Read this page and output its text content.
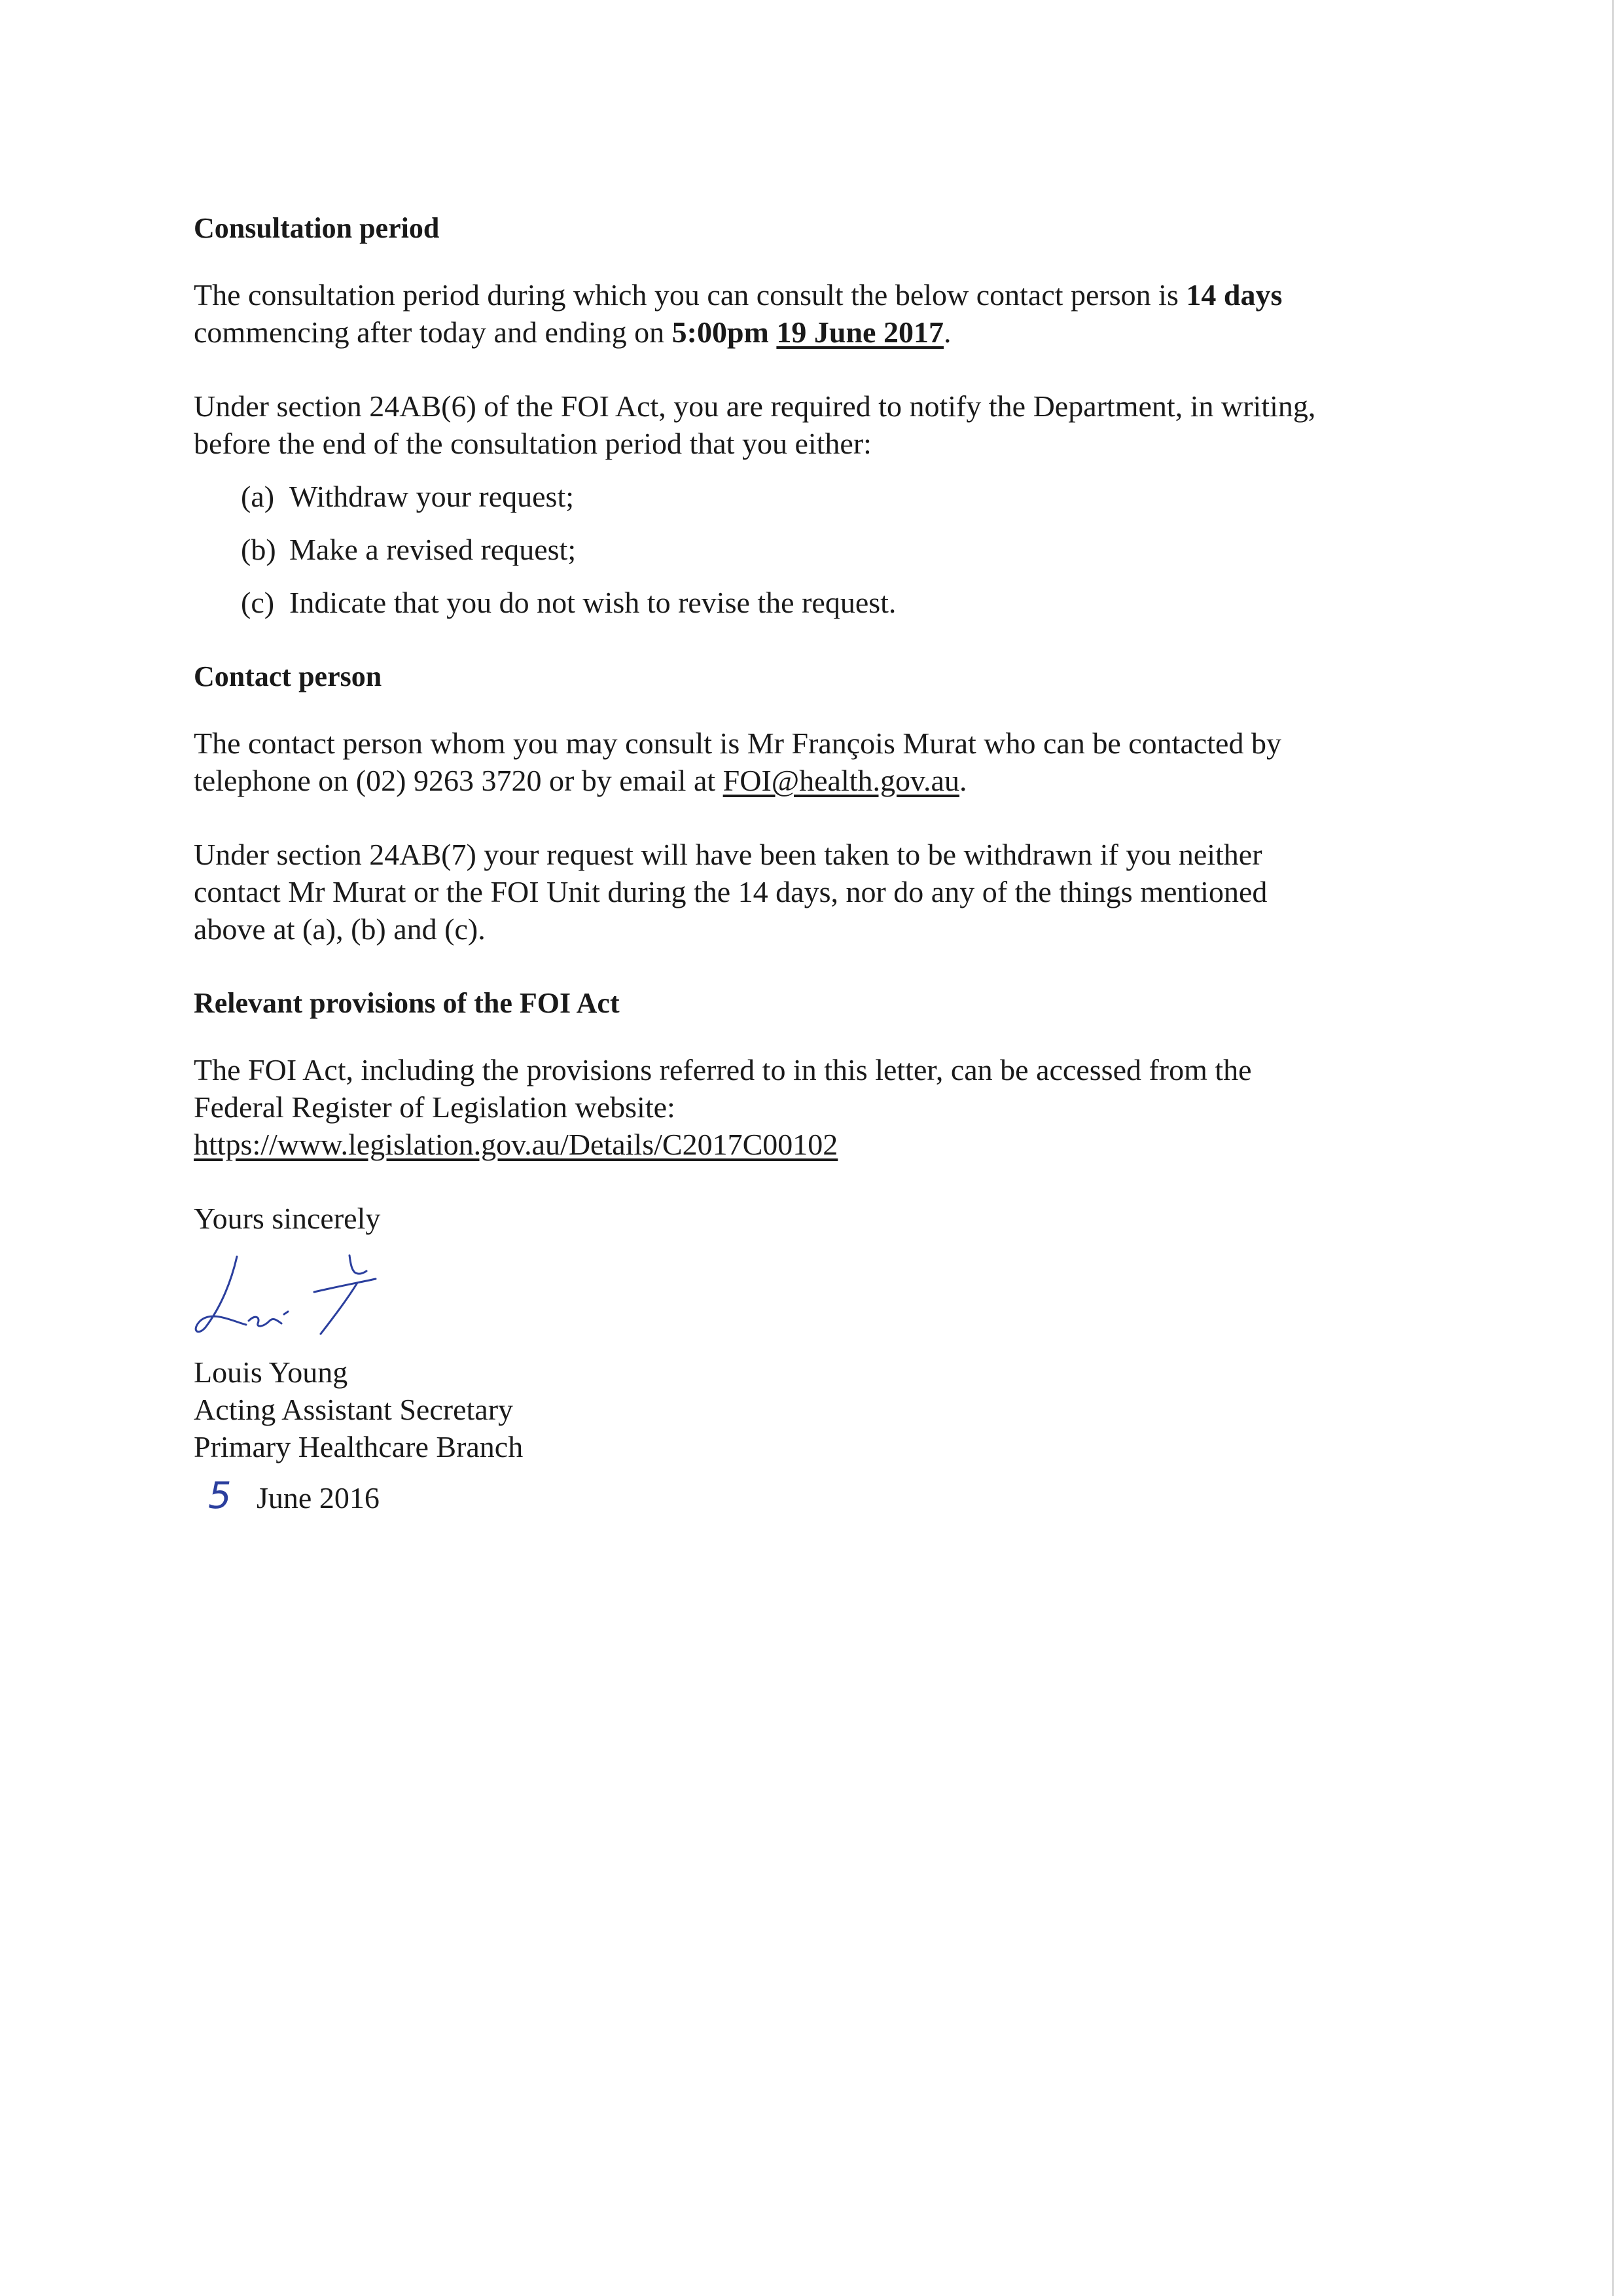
Consultation period

The consultation period during which you can consult the below contact person is 14 days
commencing after today and ending on 5:00pm 19 June 2017.

Under section 24AB(6) of the FOI Act, you are required to notify the Department, in writing,
before the end of the consultation period that you either:

(a) Withdraw your request;
(b) Make a revised request;
(c) Indicate that you do not wish to revise the request.
Contact person

The contact person whom you may consult is Mr François Murat who can be contacted by
telephone on (02) 9263 3720 or by email at FOI@health.gov.au.

Under section 24AB(7) your request will have been taken to be withdrawn if you neither
contact Mr Murat or the FOI Unit during the 14 days, nor do any of the things mentioned
above at (a), (b) and (c).

Relevant provisions of the FOI Act

The FOI Act, including the provisions referred to in this letter, can be accessed from the
Federal Register of Legislation website:
https://www.legislation.gov.au/Details/C2017C00102

Yours sincerely

Louis Young
Acting Assistant Secretary
Primary Healthcare Branch
5 June 2016
